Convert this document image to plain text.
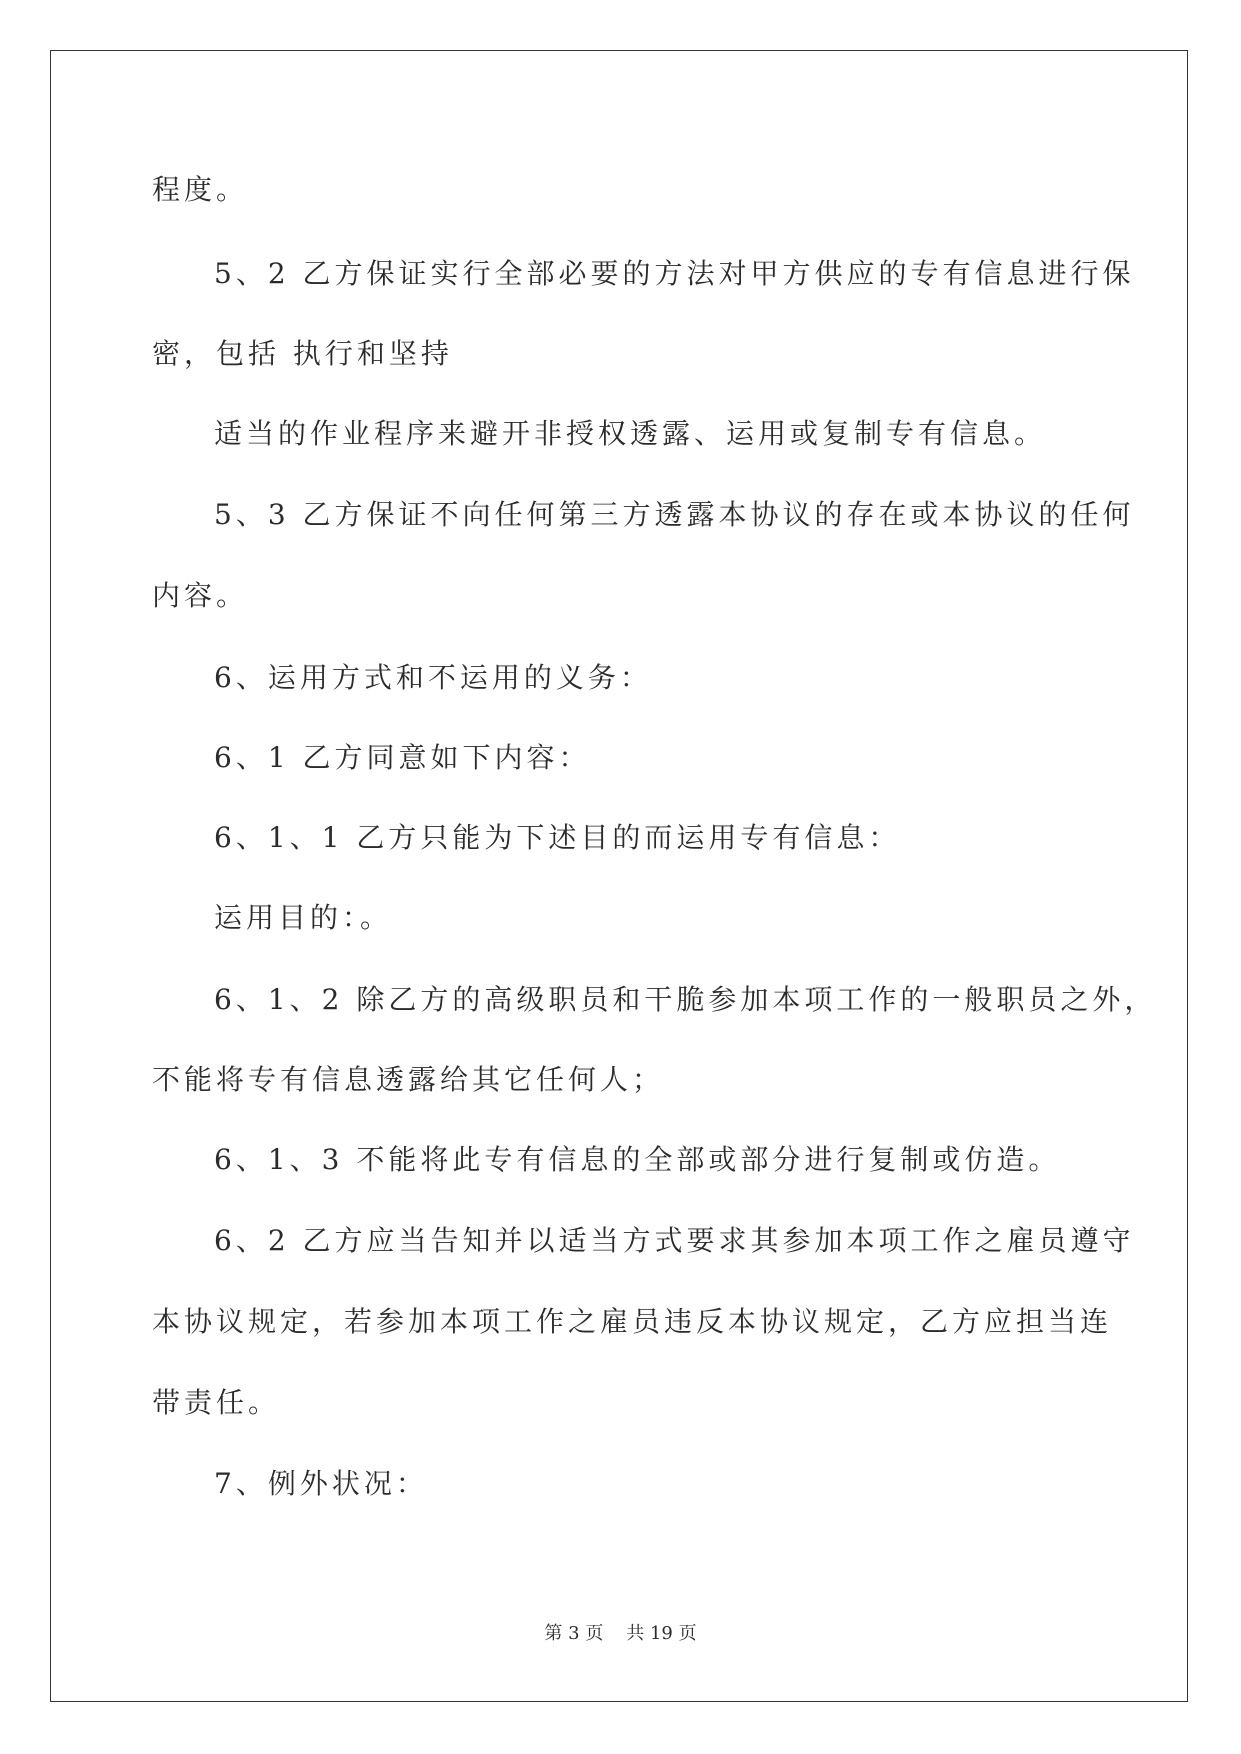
程度。
5、2 乙方保证实行全部必要的方法对甲方供应的专有信息进行保
密，包括 执行和坚持
适当的作业程序来避开非授权透露、运用或复制专有信息。
5、3 乙方保证不向任何第三方透露本协议的存在或本协议的任何
内容。
6、运用方式和不运用的义务：
6、1 乙方同意如下内容：
6、1、1 乙方只能为下述目的而运用专有信息：
运用目的：。
6、1、2 除乙方的高级职员和干脆参加本项工作的一般职员之外，
不能将专有信息透露给其它任何人；
6、1、3 不能将此专有信息的全部或部分进行复制或仿造。
6、2 乙方应当告知并以适当方式要求其参加本项工作之雇员遵守
本协议规定，若参加本项工作之雇员违反本协议规定，乙方应担当连
带责任。
7、例外状况：
第 3 页 共 19 页
